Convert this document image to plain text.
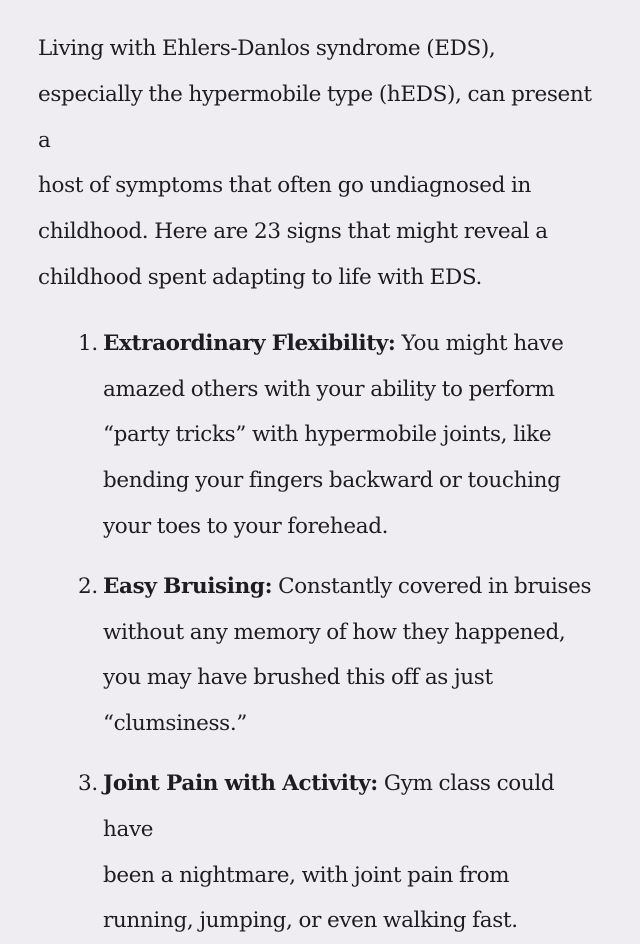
Living with Ehlers-Danlos syndrome (EDS),
especially the hypermobile type (hEDS), can present a
host of symptoms that often go undiagnosed in
childhood. Here are 23 signs that might reveal a
childhood spent adapting to life with EDS.

1. Extraordinary Flexibility: You might have
amazed others with your ability to perform
“party tricks” with hypermobile joints, like
bending your fingers backward or touching
your toes to your forehead.
2. Easy Bruising: Constantly covered in bruises
without any memory of how they happened,
you may have brushed this off as just
“clumsiness.”
3. Joint Pain with Activity: Gym class could have
been a nightmare, with joint pain from
running, jumping, or even walking fast.
